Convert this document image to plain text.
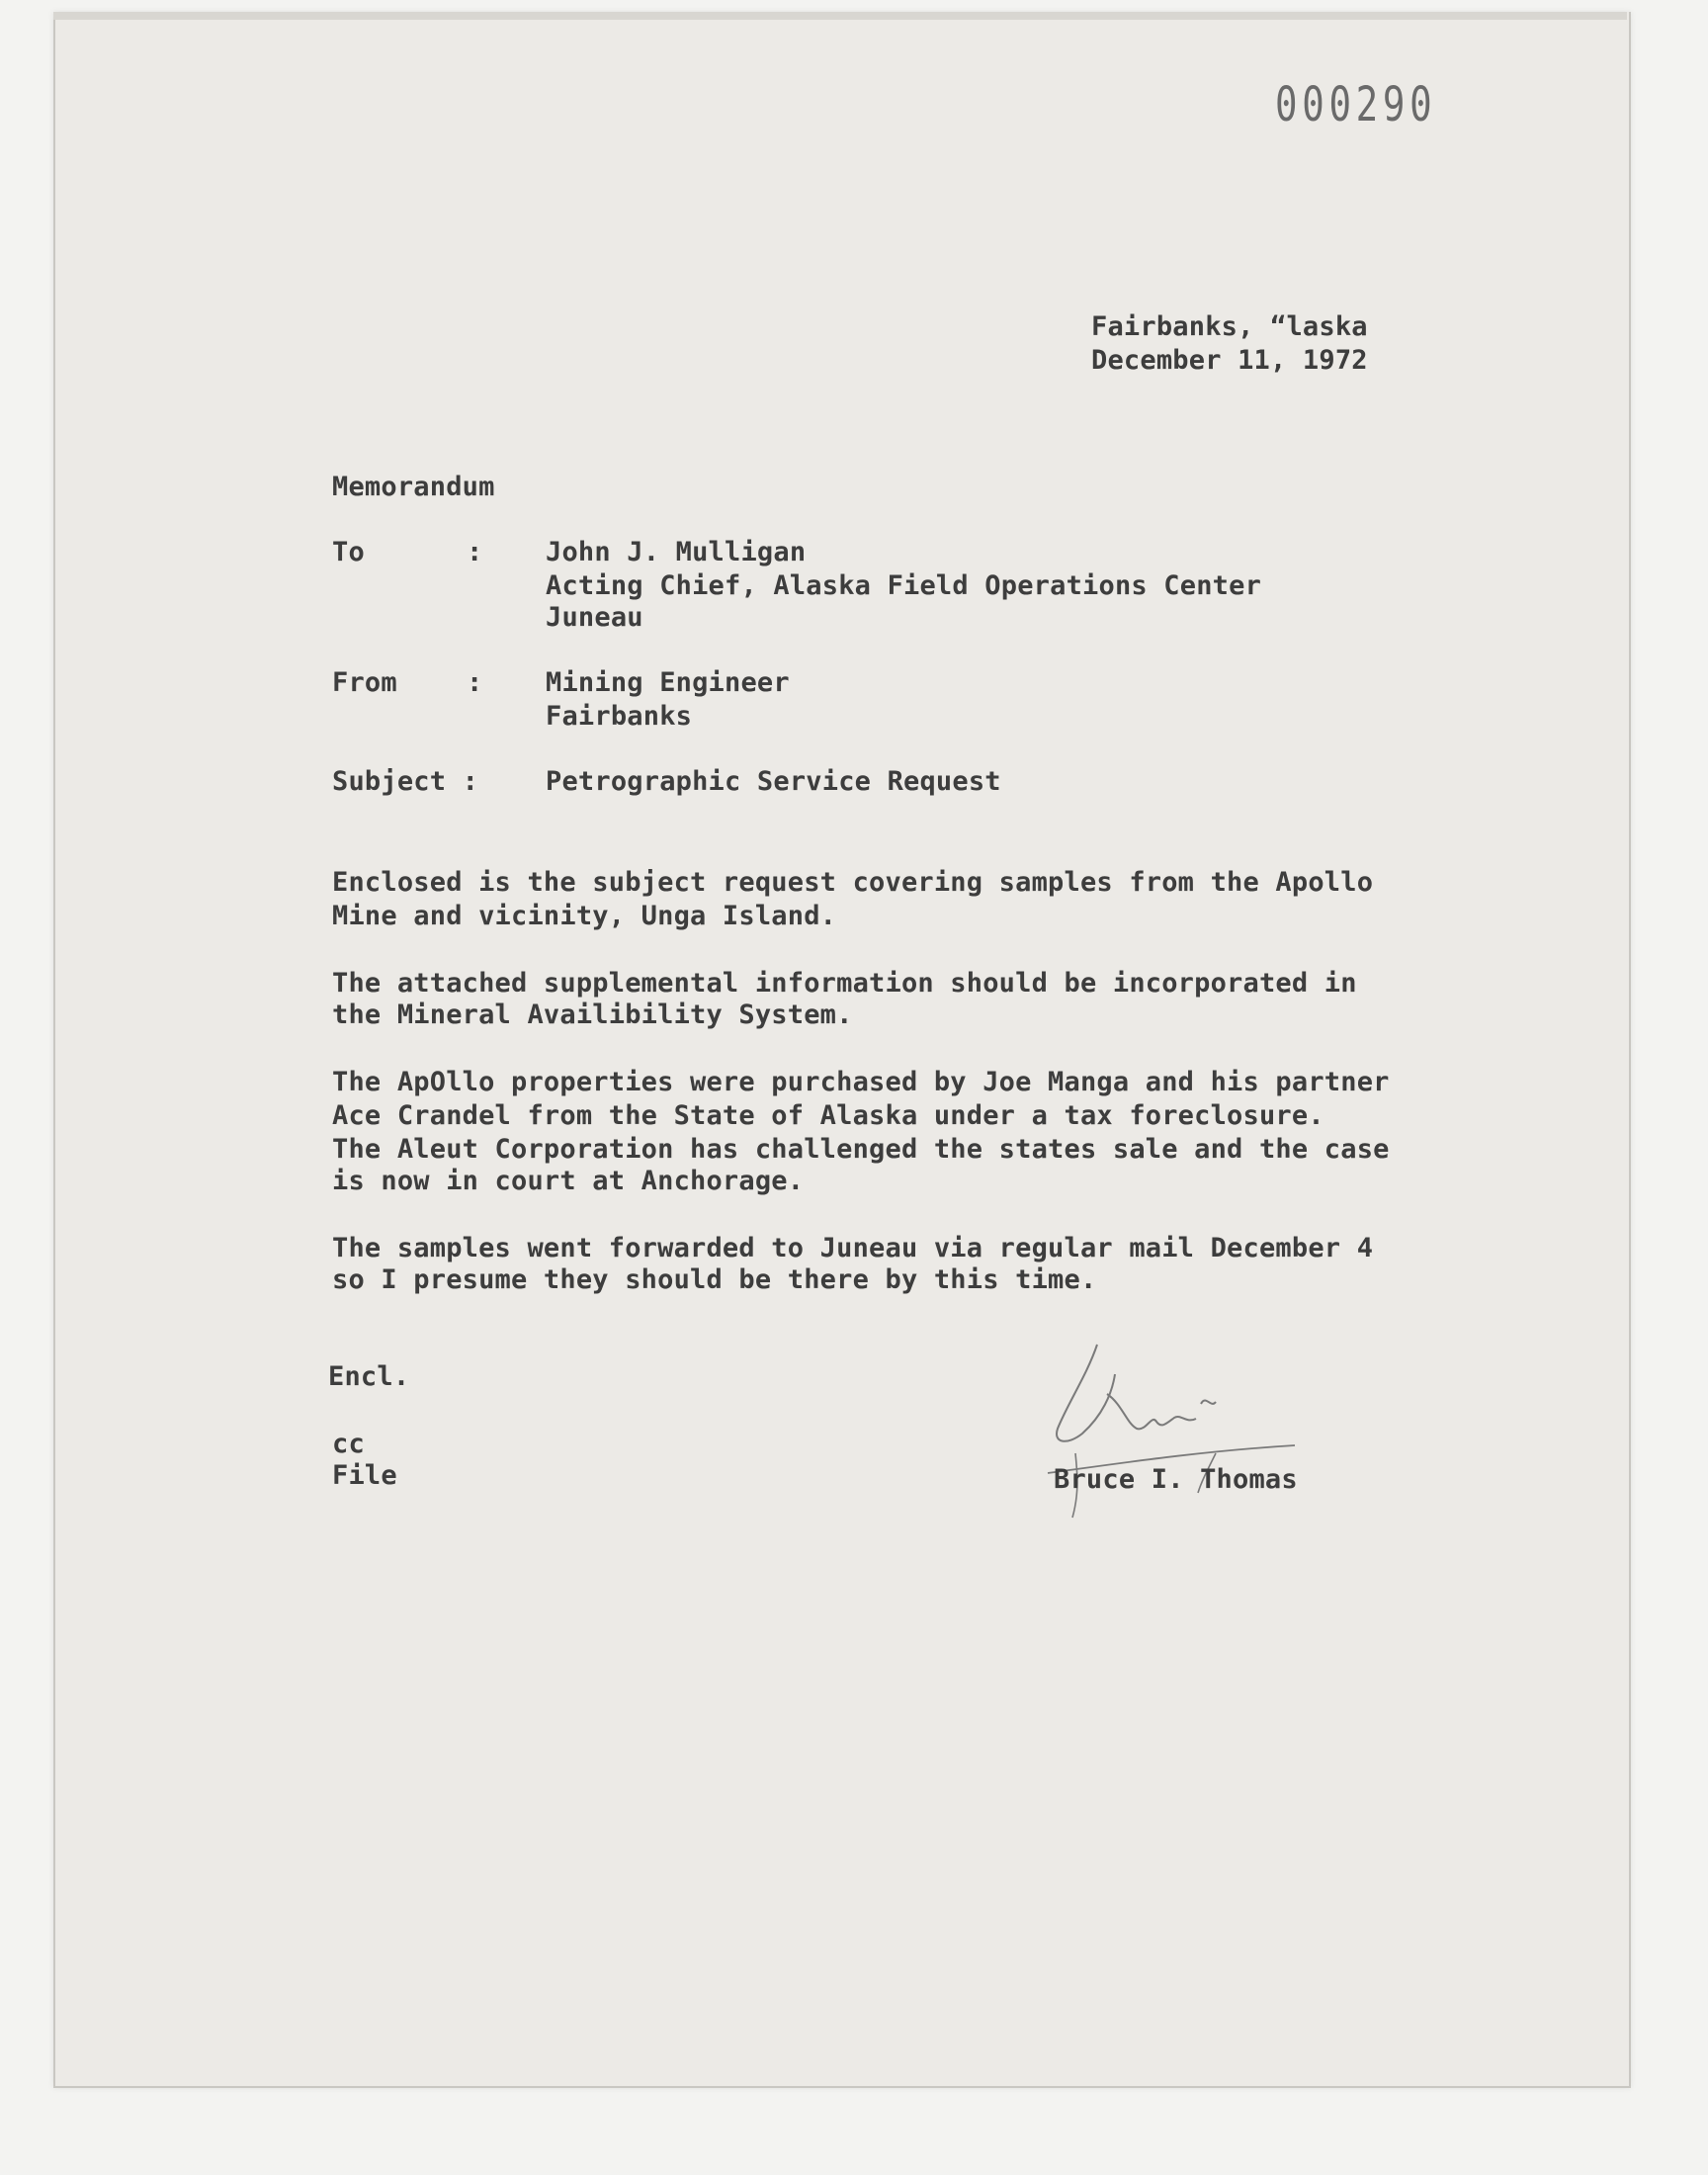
000290
Fairbanks, “laska
December 11, 1972
Memorandum
To	: John J. Mulligan
Acting Chief, Alaska Field Operations Center
Juneau
From	: Mining Engineer
Fairbanks
Subject :	Petrographic Service Request
Enclosed is the subject request covering samples from the Apollo
Mine and vicinity, Unga Island.
The attached supplemental information should be incorporated in
the Mineral Availibility System.
The ApOllo properties were purchased by Joe Manga and his partner
Ace Crandel from the State of Alaska under a tax foreclosure.
The Aleut Corporation has challenged the states sale and the case
is now in court at Anchorage.
The samples went forwarded to Juneau via regular mail December 4
so I presume they should be there by this time.
Encl.
cc
File	Bruce I. Thomas
